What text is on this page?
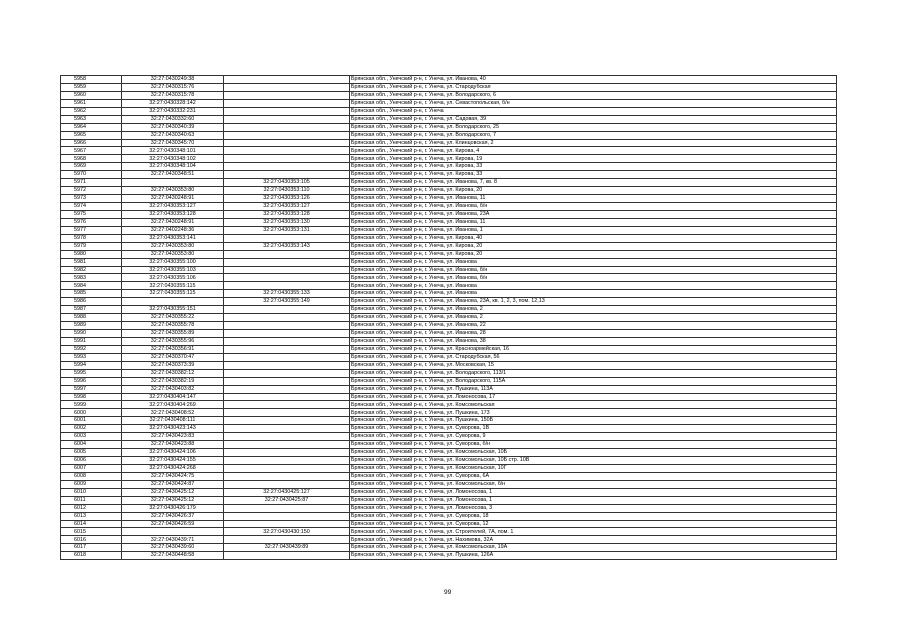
5958	32:27:0430249:38		Брянская обл., Унечский р-н, г. Унеча, ул. Иванова, 40
5959	32:27:0430315:76		Брянская обл., Унечский р-н, г. Унеча, ул. Стародубская
5960	32:27:0430315:78		Брянская обл., Унечский р-н, г. Унеча, ул. Володарского, 6
5961	32:27:0430328:142		Брянская обл., Унечский р-н, г. Унеча, ул. Севастопольская, б/н
5962	32:27:0430332:231		Брянская обл., Унечский р-н, г. Унеча
5963	32:27:0430332:60		Брянская обл., Унечский р-н, г. Унеча, ул. Садовая, 39
5964	32:27:0430340:39		Брянская обл., Унечский р-н, г. Унеча, ул. Володарского, 25
5965	32:27:0430340:63		Брянская обл., Унечский р-н, г. Унеча, ул. Володарского, 7
5966	32:27:0430345:70		Брянская обл., Унечский р-н, г. Унеча, ул. Клинцовская, 2
5967	32:27:0430348:101		Брянская обл., Унечский р-н, г. Унеча, ул. Кирова, 4
5968	32:27:0430348:102		Брянская обл., Унечский р-н, г. Унеча, ул. Кирова, 19
5969	32:27:0430348:104		Брянская обл., Унечский р-н, г. Унеча, ул. Кирова, 33
5970	32:27:0430348:51		Брянская обл., Унечский р-н, г. Унеча, ул. Кирова, 33
5971		32:27:0430353:105	Брянская обл., Унечский р-н, г. Унеча, ул. Иванова, 7, кв. 8
5972	32:27:0430353:80	32:27:0430353:110	Брянская обл., Унечский р-н, г. Унеча, ул. Кирова, 20
5973	32:27:0430248:91	32:27:0430353:126	Брянская обл., Унечский р-н, г. Унеча, ул. Иванова, 11
5974	32:27:0430353:127	32:27:0430353:127	Брянская обл., Унечский р-н, г. Унеча, ул. Иванова, б/н
5975	32:27:0430353:128	32:27:0430353:128	Брянская обл., Унечский р-н, г. Унеча, ул. Иванова, 23А
5976	32:27:0430248:91	32:27:0430353:130	Брянская обл., Унечский р-н, г. Унеча, ул. Иванова, 11
5977	32:27:0402248:36	32:27:0430353:131	Брянская обл., Унечский р-н, г. Унеча, ул. Иванова, 1
5978	32:27:0430353:141		Брянская обл., Унечский р-н, г. Унеча, ул. Кирова, 40
5979	32:27:0430353:80	32:27:0430353:143	Брянская обл., Унечский р-н, г. Унеча, ул. Кирова, 20
5980	32:27:0430353:80		Брянская обл., Унечский р-н, г. Унеча, ул. Кирова, 20
5981	32:27:0430355:100		Брянская обл., Унечский р-н, г. Унеча, ул. Иванова
5982	32:27:0430355:103		Брянская обл., Унечский р-н, г. Унеча, ул. Иванова, б/н
5983	32:27:0430355:106		Брянская обл., Унечский р-н, г. Унеча, ул. Иванова, б/н
5984	32:27:0430355:115		Брянская обл., Унечский р-н, г. Унеча, ул. Иванова
5985	32:27:0430355:115	32:27:0430355:133	Брянская обл., Унечский р-н, г. Унеча, ул. Иванова
5986		32:27:0430355:149	Брянская обл., Унечский р-н, г. Унеча, ул. Иванова, 23А, кв. 1, 2, 3, пом. 12,13
5987	32:27:0430355:151		Брянская обл., Унечский р-н, г. Унеча, ул. Иванова, 2
5988	32:27:0430355:22		Брянская обл., Унечский р-н, г. Унеча, ул. Иванова, 2
5989	32:27:0430355:78		Брянская обл., Унечский р-н, г. Унеча, ул. Иванова, 22
5990	32:27:0430355:89		Брянская обл., Унечский р-н, г. Унеча, ул. Иванова, 28
5991	32:27:0430355:96		Брянская обл., Унечский р-н, г. Унеча, ул. Иванова, 38
5992	32:27:0430356:91		Брянская обл., Унечский р-н, г. Унеча, ул. Красноармейская, 16
5993	32:27:0430370:47		Брянская обл., Унечский р-н, г. Унеча, ул. Стародубская, 56
5994	32:27:0430373:39		Брянская обл., Унечский р-н, г. Унеча, ул. Московская, 15
5995	32:27:0430382:12		Брянская обл., Унечский р-н, г. Унеча, ул. Володарского, 113/1
5996	32:27:0430382:19		Брянская обл., Унечский р-н, г. Унеча, ул. Володарского, 115А
5997	32:27:0430403:82		Брянская обл., Унечский р-н, г. Унеча, ул. Пушкина, 113А
5998	32:27:0430404:147		Брянская обл., Унечский р-н, г. Унеча, ул. Ломоносова, 17
5999	32:27:0430404:269		Брянская обл., Унечский р-н, г. Унеча, ул. Комсомольская
6000	32:27:0430408:52		Брянская обл., Унечский р-н, г. Унеча, ул. Пушкина, 173
6001	32:27:0430408:111		Брянская обл., Унечский р-н, г. Унеча, ул. Пушкина, 150Б
6002	32:27:0430423:143		Брянская обл., Унечский р-н, г. Унеча, ул. Суворова, 1В
6003	32:27:0430423:83		Брянская обл., Унечский р-н, г. Унеча, ул. Суворова, 9
6004	32:27:0430423:88		Брянская обл., Унечский р-н, г. Унеча, ул. Суворова, б/н
6005	32:27:0430424:106		Брянская обл., Унечский р-н, г. Унеча, ул. Комсомольская, 10Б
6006	32:27:0430424:155		Брянская обл., Унечский р-н, г. Унеча, ул. Комсомольская, 10Б стр. 10В
6007	32:27:0430424:268		Брянская обл., Унечский р-н, г. Унеча, ул. Комсомольская, 10Г
6008	32:27:0430424:75		Брянская обл., Унечский р-н, г. Унеча, ул. Суворова, 6А
6009	32:27:0430424:87		Брянская обл., Унечский р-н, г. Унеча, ул. Комсомольская, б/н
6010	32:27:0430425:12	32:27:0430425:127	Брянская обл., Унечский р-н, г. Унеча, ул. Ломоносова, 1
6011	32:27:0430425:12	32:27:0430425:87	Брянская обл., Унечский р-н, г. Унеча, ул. Ломоносова, 1
6012	32:27:0430426:179		Брянская обл., Унечский р-н, г. Унеча, ул. Ломоносова, 3
6013	32:27:0430426:37		Брянская обл., Унечский р-н, г. Унеча, ул. Суворова, 18
6014	32:27:0430426:59		Брянская обл., Унечский р-н, г. Унеча, ул. Суворова, 12
6015		32:27:0430430:150	Брянская обл., Унечский р-н, г. Унеча, ул. Строителей, 7А, пом. 1
6016	32:27:0430439:71		Брянская обл., Унечский р-н, г. Унеча, ул. Нахимова, 32А
6017	32:27:0430439:60	32:27:0430439:89	Брянская обл., Унечский р-н, г. Унеча, ул. Комсомольская, 19А
6018	32:27:0430448:58		Брянская обл., Унечский р-н, г. Унеча, ул. Пушкина, 126А
99
